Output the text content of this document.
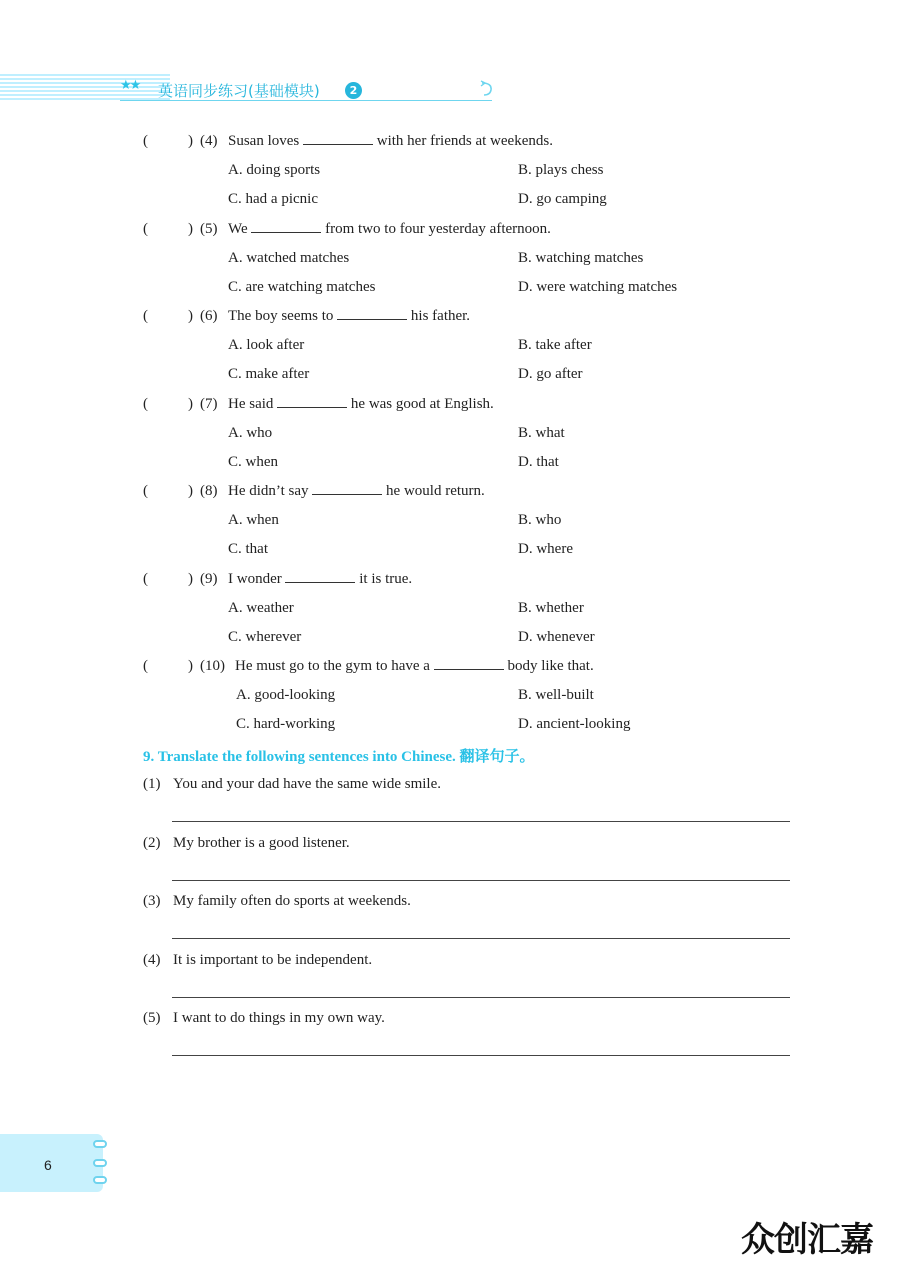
★★ 英语同步练习(基础模块)	2
(	) (4) Susan loves	with her friends at weekends.
A. doing sports	B. plays chess
C. had a picnic	D. go camping
(	) (5) We	from two to four yesterday afternoon.
A. watched matches	B. watching matches
C. are watching matches	D. were watching matches
(	) (6) The boy seems to	his father.
A. look after	B. take after
C. make after	D. go after
(	) (7) He said	he was good at English.
A. who	B. what
C. when	D. that
(	) (8) He didn’t say	he would return.
A. when	B. who
C. that	D. where
(	) (9) I wonder	it is true.
A. weather	B. whether
C. wherever	D. whenever
(	) (10) He must go to the gym to have a	body like that.
A. good-looking	B. well-built
C. hard-working	D. ancient-looking
9. Translate the following sentences into Chinese. 翻译句子。
(1) You and your dad have the same wide smile.
(2) My brother is a good listener.
(3) My family often do sports at weekends.
(4) It is important to be independent.
(5) I want to do things in my own way.
6
众创汇嘉
